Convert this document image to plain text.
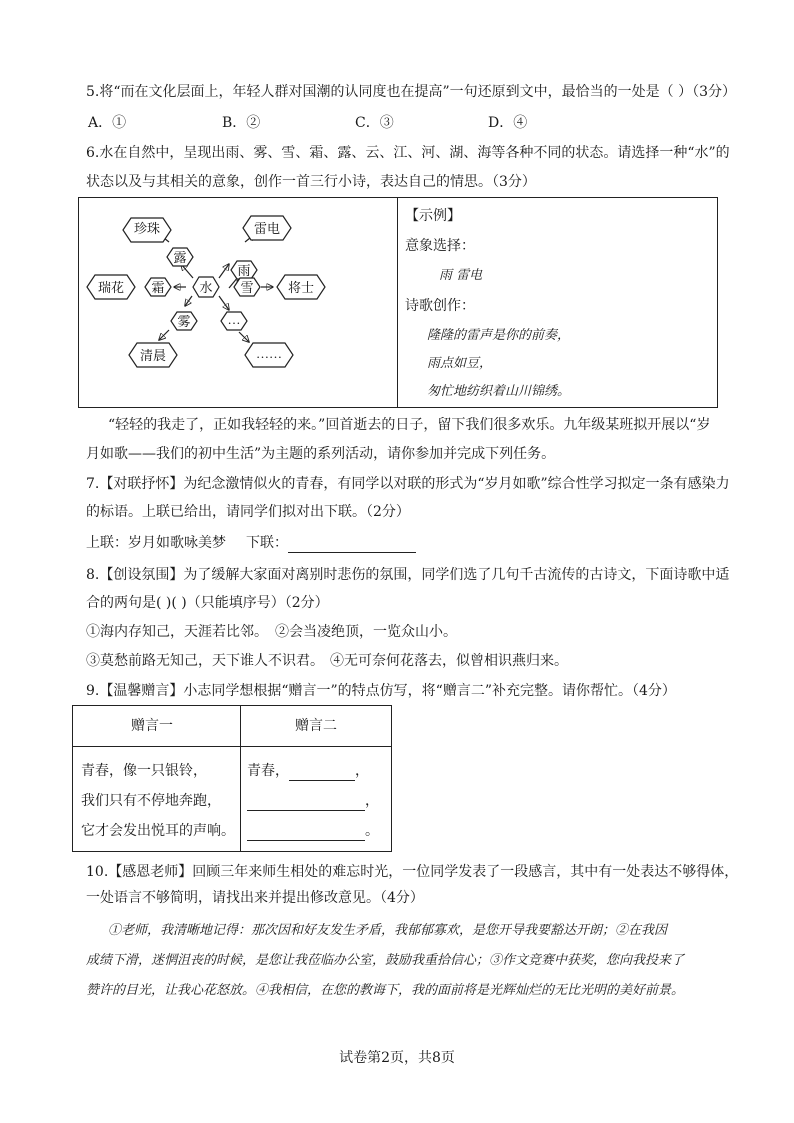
5.将“而在文化层面上，年轻人群对国潮的认同度也在提高”一句还原到文中，最恰当的一处是（ ）（3分）
A．①	B．②	C．③	D．④
6.水在自然中，呈现出雨、雾、雪、霜、露、云、江、河、湖、海等各种不同的状态。请选择一种“水”的
状态以及与其相关的意象，创作一首三行小诗，表达自己的情思。（3分）
水
露
雨
雪
…
雾
霜
珍珠	雷电
将士
……
清晨
瑞花
【示例】
意象选择：
雨 雷电
诗歌创作：
隆隆的雷声是你的前奏，
雨点如豆，
匆忙地纺织着山川锦绣。
“轻轻的我走了，正如我轻轻的来。”回首逝去的日子，留下我们很多欢乐。九年级某班拟开展以“岁
月如歌——我们的初中生活”为主题的系列活动，请你参加并完成下列任务。
7.【对联抒怀】为纪念激情似火的青春，有同学以对联的形式为“岁月如歌”综合性学习拟定一条有感染力
的标语。上联已给出，请同学们拟对出下联。（2分）
上联：岁月如歌咏美梦 下联：
8.【创设氛围】为了缓解大家面对离别时悲伤的氛围，同学们选了几句千古流传的古诗文，下面诗歌中适
合的两句是( )( )（只能填序号）（2分）
①海内存知己，天涯若比邻。 ②会当凌绝顶，一览众山小。
③莫愁前路无知己，天下谁人不识君。 ④无可奈何花落去，似曾相识燕归来。
9.【温馨赠言】小志同学想根据“赠言一”的特点仿写，将“赠言二”补充完整。请你帮忙。（4分）
赠言一	赠言二
青春，像一只银铃，
我们只有不停地奔跑，
它才会发出悦耳的声响。
青春，	，
，
。
10.【感恩老师】回顾三年来师生相处的难忘时光，一位同学发表了一段感言，其中有一处表达不够得体，
一处语言不够简明，请找出来并提出修改意见。（4分）
①老师，我清晰地记得：那次因和好友发生矛盾，我郁郁寡欢，是您开导我要豁达开朗；②在我因
成绩下滑，迷惘沮丧的时候，是您让我莅临办公室，鼓励我重拾信心；③作文竞赛中获奖，您向我投来了
赞许的目光，让我心花怒放。④我相信，在您的教诲下，我的面前将是光辉灿烂的无比光明的美好前景。
试卷第2页，共8页
